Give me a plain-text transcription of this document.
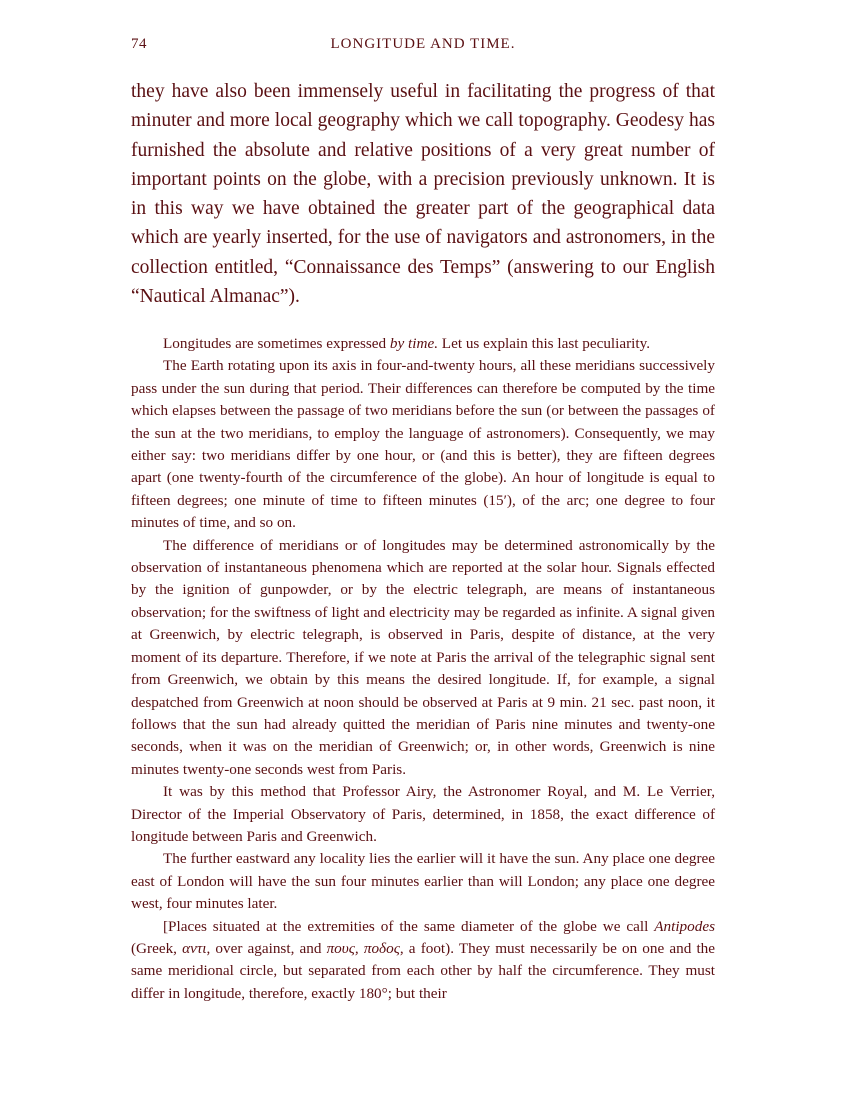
74	LONGITUDE AND TIME.

they have also been immensely useful in facilitating the progress of that minuter and more local geography which we call topography. Geodesy has furnished the absolute and relative positions of a very great number of important points on the globe, with a precision previously unknown. It is in this way we have obtained the greater part of the geographical data which are yearly inserted, for the use of navigators and astronomers, in the collection entitled, “Connaissance des Temps” (answering to our English “Nautical Almanac”).

Longitudes are sometimes expressed by time. Let us explain this last peculiarity.

The Earth rotating upon its axis in four-and-twenty hours, all these meridians successively pass under the sun during that period. Their differences can therefore be computed by the time which elapses between the passage of two meridians before the sun (or between the passages of the sun at the two meridians, to employ the language of astronomers). Consequently, we may either say: two meridians differ by one hour, or (and this is better), they are fifteen degrees apart (one twenty-fourth of the circumference of the globe). An hour of longitude is equal to fifteen degrees; one minute of time to fifteen minutes (15′), of the arc; one degree to four minutes of time, and so on.

The difference of meridians or of longitudes may be determined astronomically by the observation of instantaneous phenomena which are reported at the solar hour. Signals effected by the ignition of gunpowder, or by the electric telegraph, are means of instantaneous observation; for the swiftness of light and electricity may be regarded as infinite. A signal given at Greenwich, by electric telegraph, is observed in Paris, despite of distance, at the very moment of its departure. Therefore, if we note at Paris the arrival of the telegraphic signal sent from Greenwich, we obtain by this means the desired longitude. If, for example, a signal despatched from Greenwich at noon should be observed at Paris at 9 min. 21 sec. past noon, it follows that the sun had already quitted the meridian of Paris nine minutes and twenty-one seconds, when it was on the meridian of Greenwich; or, in other words, Greenwich is nine minutes twenty-one seconds west from Paris.

It was by this method that Professor Airy, the Astronomer Royal, and M. Le Verrier, Director of the Imperial Observatory of Paris, determined, in 1858, the exact difference of longitude between Paris and Greenwich.

The further eastward any locality lies the earlier will it have the sun. Any place one degree east of London will have the sun four minutes earlier than will London; any place one degree west, four minutes later.

[Places situated at the extremities of the same diameter of the globe we call Antipodes (Greek, αντι, over against, and πους, ποδος, a foot). They must necessarily be on one and the same meridional circle, but separated from each other by half the circumference. They must differ in longitude, therefore, exactly 180°; but their
